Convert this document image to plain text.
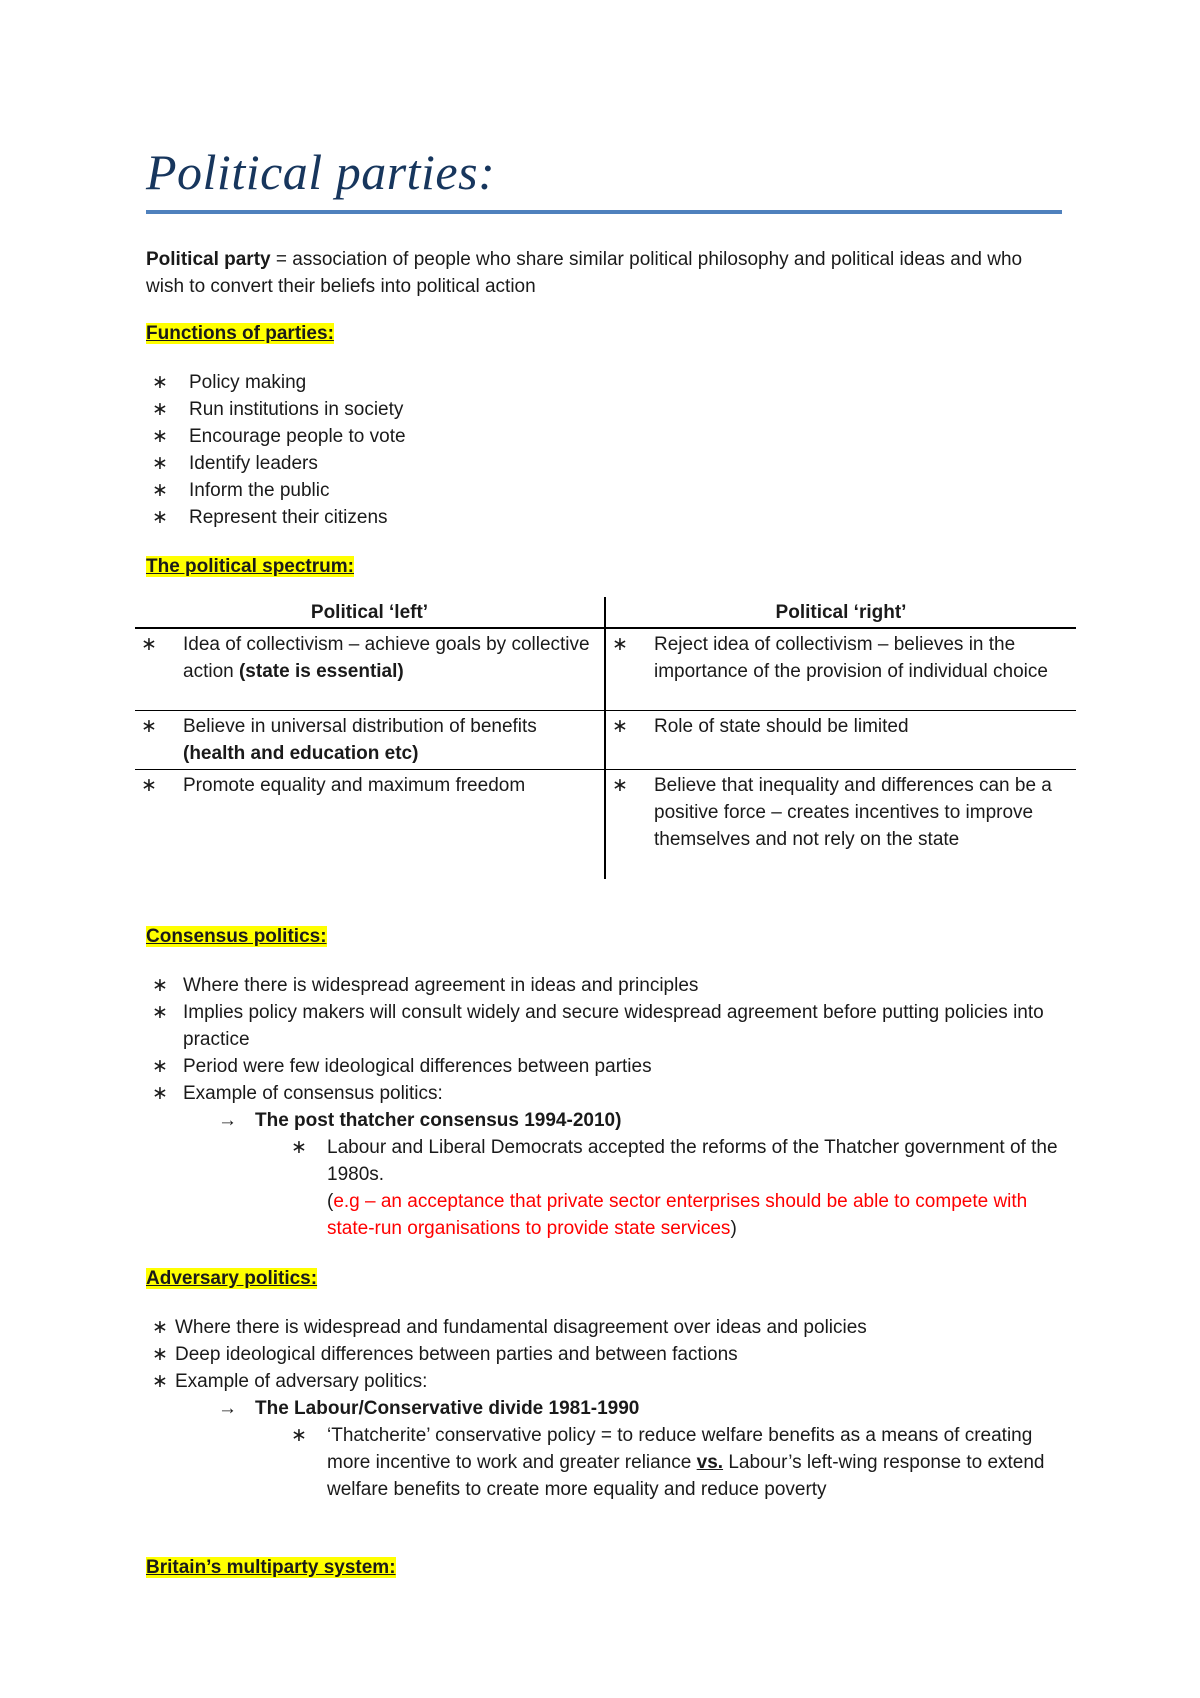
Political parties:
Political party = association of people who share similar political philosophy and political ideas and who wish to convert their beliefs into political action
Functions of parties:
∗ Policy making
∗ Run institutions in society
∗ Encourage people to vote
∗ Identify leaders
∗ Inform the public
∗ Represent their citizens
The political spectrum:
Political ‘left’	Political ‘right’

∗ Idea of collectivism – achieve goals by collective action (state is essential)	∗ Reject idea of collectivism – believes in the importance of the provision of individual choice

∗ Believe in universal distribution of benefits (health and education etc)	∗ Role of state should be limited

∗ Promote equality and maximum freedom	∗ Believe that inequality and differences can be a positive force – creates incentives to improve themselves and not rely on the state
Consensus politics:
∗ Where there is widespread agreement in ideas and principles
∗ Implies policy makers will consult widely and secure widespread agreement before putting policies into practice
∗ Period were few ideological differences between parties
∗ Example of consensus politics:
→ The post thatcher consensus 1994-2010)
∗ Labour and Liberal Democrats accepted the reforms of the Thatcher government of the 1980s.
(e.g – an acceptance that private sector enterprises should be able to compete with state-run organisations to provide state services)
Adversary politics:
∗ Where there is widespread and fundamental disagreement over ideas and policies
∗ Deep ideological differences between parties and between factions
∗ Example of adversary politics:
→ The Labour/Conservative divide 1981-1990
∗ ‘Thatcherite’ conservative policy = to reduce welfare benefits as a means of creating more incentive to work and greater reliance vs. Labour’s left-wing response to extend welfare benefits to create more equality and reduce poverty
Britain’s multiparty system:
